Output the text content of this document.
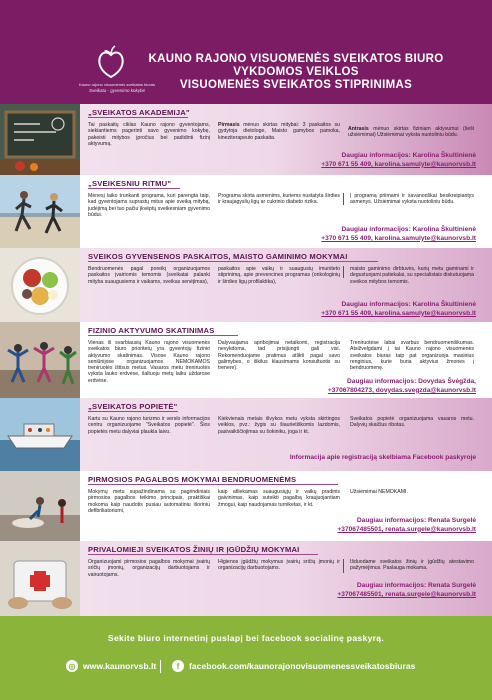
Kauno rajono visuomenės sveikatos biuras
Sveikata - gyvenimo kokybė
KAUNO RAJONO VISUOMENĖS SVEIKATOS BIURO
VYKDOMOS VEIKLOS
VISUOMENĖS SVEIKATOS STIPRINIMAS
„SVEIKATOS AKADEMIJA"
Tai paskaitų ciklas Kauno rajono gyventojams, siekiantiems pagerinti savo gyvenimo kokybę, pakeisti mitybos įpročius bei padidinti fizinį aktyvumą.
Pirmasis mėnuo skirtas mitybai: 3 paskaitos su gydytoja dietologe, Maisto gamybos pamoka, kineziterapeuto paskaita.
Antrasis mėnuo skirtas fiziniam aktyvumui (šeši užsiėmimai) Užsiėmimai vyksta nuotoliniu būdu.
Daugiau informacijos: Karolina Škultinienė
+370 671 55 409, karolina.samulyte@kaunorvsb.lt
„SVEIKESNIU RITMU"
Mėnesį laiko trunkanti programa, kuri parengta taip, kad gyventojams suprastų mitus apie sveiką mitybą, judėjimą bei tuo pačiu įkvėptų sveikesniam gyvenimo būdui.
Programa skirta asmenims, kuriems nustatyta širdies ir kraujagyslių ligų ar cukrinio diabeto rizika.
Į programą priimami ir savanoriškai besikreipiantys asmenys. Užsiėmimai vyksta nuotoliniu būdu.
Daugiau informacijos: Karolina Škultinienė
+370 671 55 409, karolina.samulyte@kaunorvsb.lt
SVEIKOS GYVENSENOS PASKAITOS, MAISTO GAMINIMO MOKYMAI
Bendruomenės pagal poreikį organizuojamos paskaitos įvairiomis temomis (sveikatai palanki mityba suaugusiems ir vaikams, sveikas senėjimas),
paskaitos apie vaikų ir suaugusių imuniteto stiprinimą, apie prevencines programas (onkologinių ir širdies ligų profilaktika),
maisto gaminimo dirbtuvės, kurių metu gaminami ir degustuojami patiekalai, su specialistais diskutuojama sveikos mitybos temomis.
Daugiau informacijos: Karolina Škultinienė
+370 671 55 409, karolina.samulyte@kaunorvsb.lt
FIZINIO AKTYVUMO SKATINIMAS
Vienas iš svarbiausių Kauno rajono visuomenės sveikatos biuro prioritetų yra gyventojų fizinio aktyvumo skatinimas. Visose Kauno rajono seniūnijose organizuojamos NEMOKAMOS treniruotės ištisus metus. Vasaros metu treniruotės vyksta lauko erdvėse, šaltuoju metų laiku uždarose erdvėse.
Dalyvaujama apribojimai netaikomi, registracija nevykdoma, tad prisijungti gali visi. Rekomenduojame pratimus atlikti pagal savo galimybes, o iškilus klausimams konsultuotis su trenere).
Treniruotėse labai svarbus bendruomeniškumas. Atsižvelgdami į tai Kauno rajono visuomenės sveikatos biuras taip pat organizuoja masinius renginius, kurie buria aktyvius žmones į bendruomenę.
Daugiau informacijos: Dovydas Švėgžda,
+37067804273, dovydas.svegzda@kaunorvsb.lt
„SVEIKATOS POPIETĖ"
Kartu su Kauno rajono turizmo ir verslo informacijos centru organizuojame "Sveikatos popietė". Šios popietės metu dalyviai plaukia laivu.
Kiekvienais metais išvykos metu vyksta skirtingos veiklos, pvz.: žygis su šiaurietiškomis lazdomis, pasivaikščiojimas su šokiniku, joga ir kt.
Sveikatos popietė organizuojama vasaros metu. Dalyvių skaičius ribotas.
Informacija apie registraciją skelbiama Facebook paskyroje
PIRMOSIOS PAGALBOS MOKYMAI BENDRUOMENĖMS
Mokymų metu supažindinama su pagrindiniais pirmosios pagalbos teikimo principais, praktiškai mokoma kaip naudotis pusiau automatiniu išoriniu defibriliatoriumi,
kaip atliekamas suaugusiųjų ir vaikų pradinis gaivinimas, kaip suteikti pagalbą kraujuojantiam žmogui, kaip naudojamas turniketas, ir kt.
Užsiėmimai NEMOKAMI.
Daugiau informacijos: Renata Surgelė
+37067485501, renata.surgele@kaunorvsb.lt
PRIVALOMIEJI SVEIKATOS ŽINIŲ IR ĮGŪDŽIŲ MOKYMAI
Organizuojami pirmosios pagalbos mokymai įvairių sričių įmonių, organizacijų darbuotojams ir vairuotojams.
Higienos įgūdžių mokymus įvairių sričių įmonių ir organizacijų darbuotojams.
Išduodame sveikatos žinių ir įgūdžių atestavimo pažymėjimus. Paslauga mokama.
Daugiau informacijos: Renata Surgelė
+37067485501, renata.surgele@kaunorvsb.lt
Sekite biuro internetinį puslapį bei facebook socialinę paskyrą.
◎ www.kaunorvsb.lt	f	facebook.com/kaunorajonovisuomenessveikatosbiuras
